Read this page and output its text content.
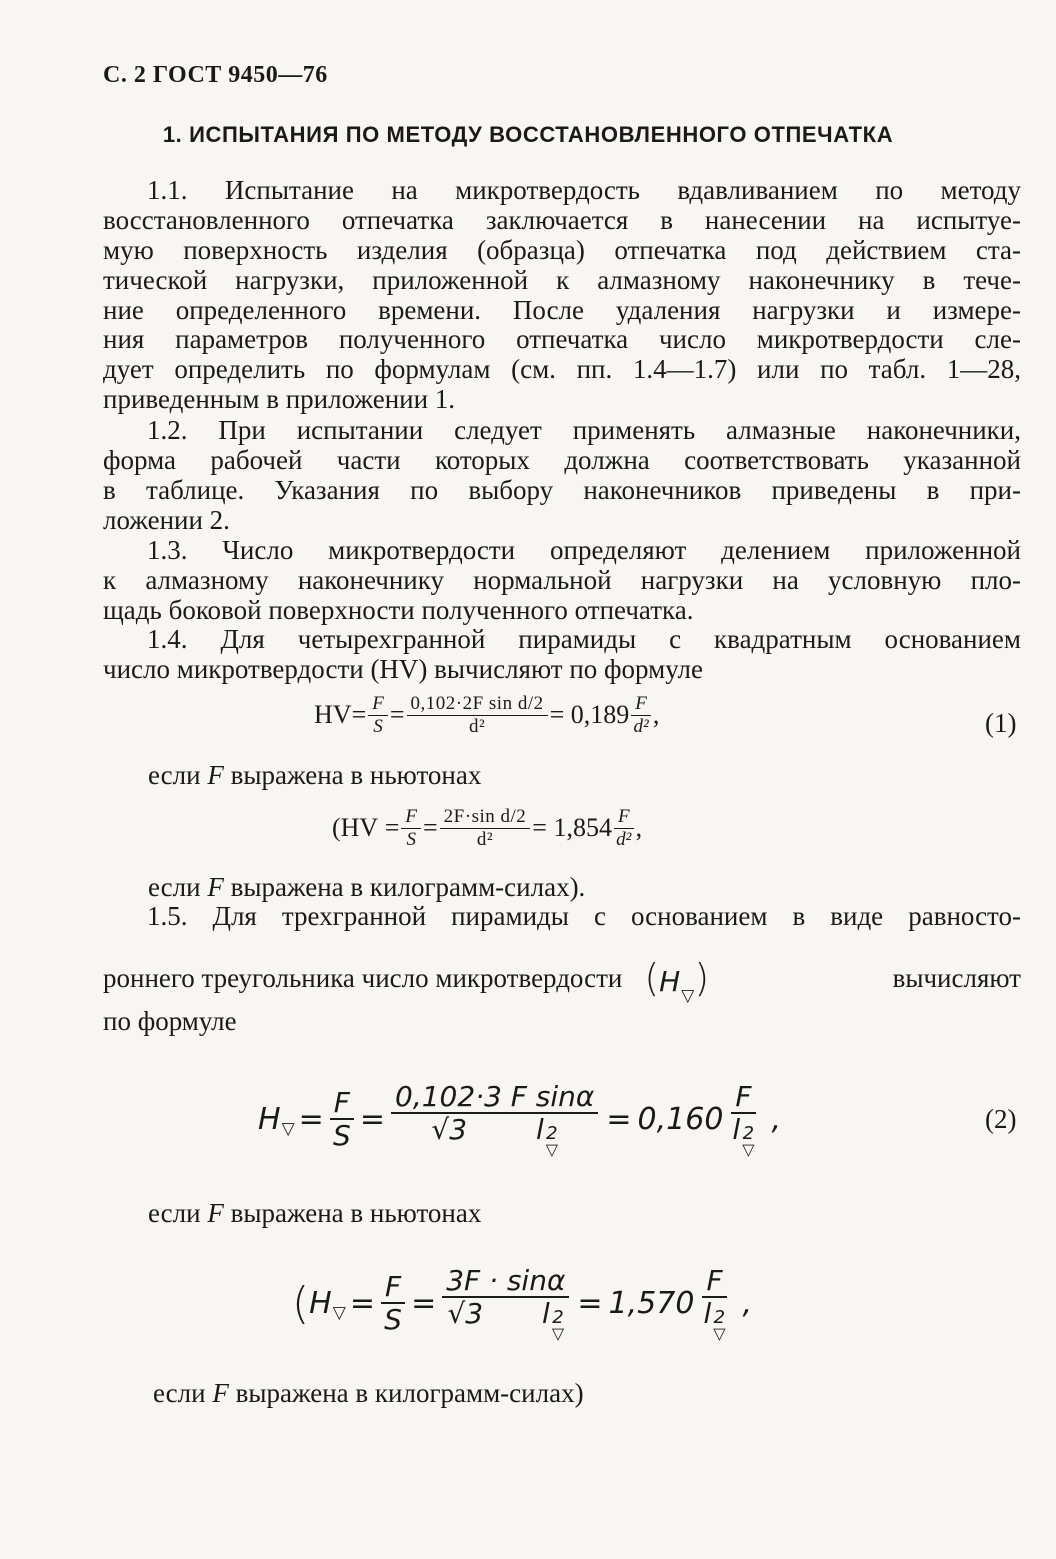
С. 2 ГОСТ 9450—76
1. ИСПЫТАНИЯ ПО МЕТОДУ ВОССТАНОВЛЕННОГО ОТПЕЧАТКА
1.1. Испытание на микротвердость вдавливанием по методу
восстановленного отпечатка заключается в нанесении на испытуе-
мую поверхность изделия (образца) отпечатка под действием ста-
тической нагрузки, приложенной к алмазному наконечнику в тече-
ние определенного времени. После удаления нагрузки и измере-
ния параметров полученного отпечатка число микротвердости сле-
дует определить по формулам (см. пп. 1.4—1.7) или по табл. 1—28,
приведенным в приложении 1.
1.2. При испытании следует применять алмазные наконечники,
форма рабочей части которых должна соответствовать указанной
в таблице. Указания по выбору наконечников приведены в при-
ложении 2.
1.3. Число микротвердости определяют делением приложенной
к алмазному наконечнику нормальной нагрузки на условную пло-
щадь боковой поверхности полученного отпечатка.
1.4. Для четырехгранной пирамиды с квадратным основанием
число микротвердости (HV) вычисляют по формуле
HV = $\frac{F}{S} = \frac{\text{0,102·2F sin d/2}}{\text{d²}} = 0,189 \frac{F}{\text{d²}}$ ,	(1)
если F выражена в ньютонах
($HV = \frac{F}{S} = \frac{\text{2F·sin d/2}}{\text{d²}} = 1,854 \frac{F}{\text{d²}}$ ,
если F выражена в килограмм-силах).
1.5. Для трехгранной пирамиды с основанием в виде равносто-
роннего треугольника число микротвердости $(H_▽)$	вычисляют
по формуле
H ▽ = $\frac{F}{S} = 0,102\cdot 3$ F sinα
√3 l 2
▽ = 0,160 F
l 2
▽ ,	(2)
если F выражена в ньютонах
( H ▽ = $\frac{F}{S} = 3F \cdot \sin\alpha$
√3 l 2
▽ = 1,570 F
l 2
▽ ,
если F выражена в килограмм-силах)
